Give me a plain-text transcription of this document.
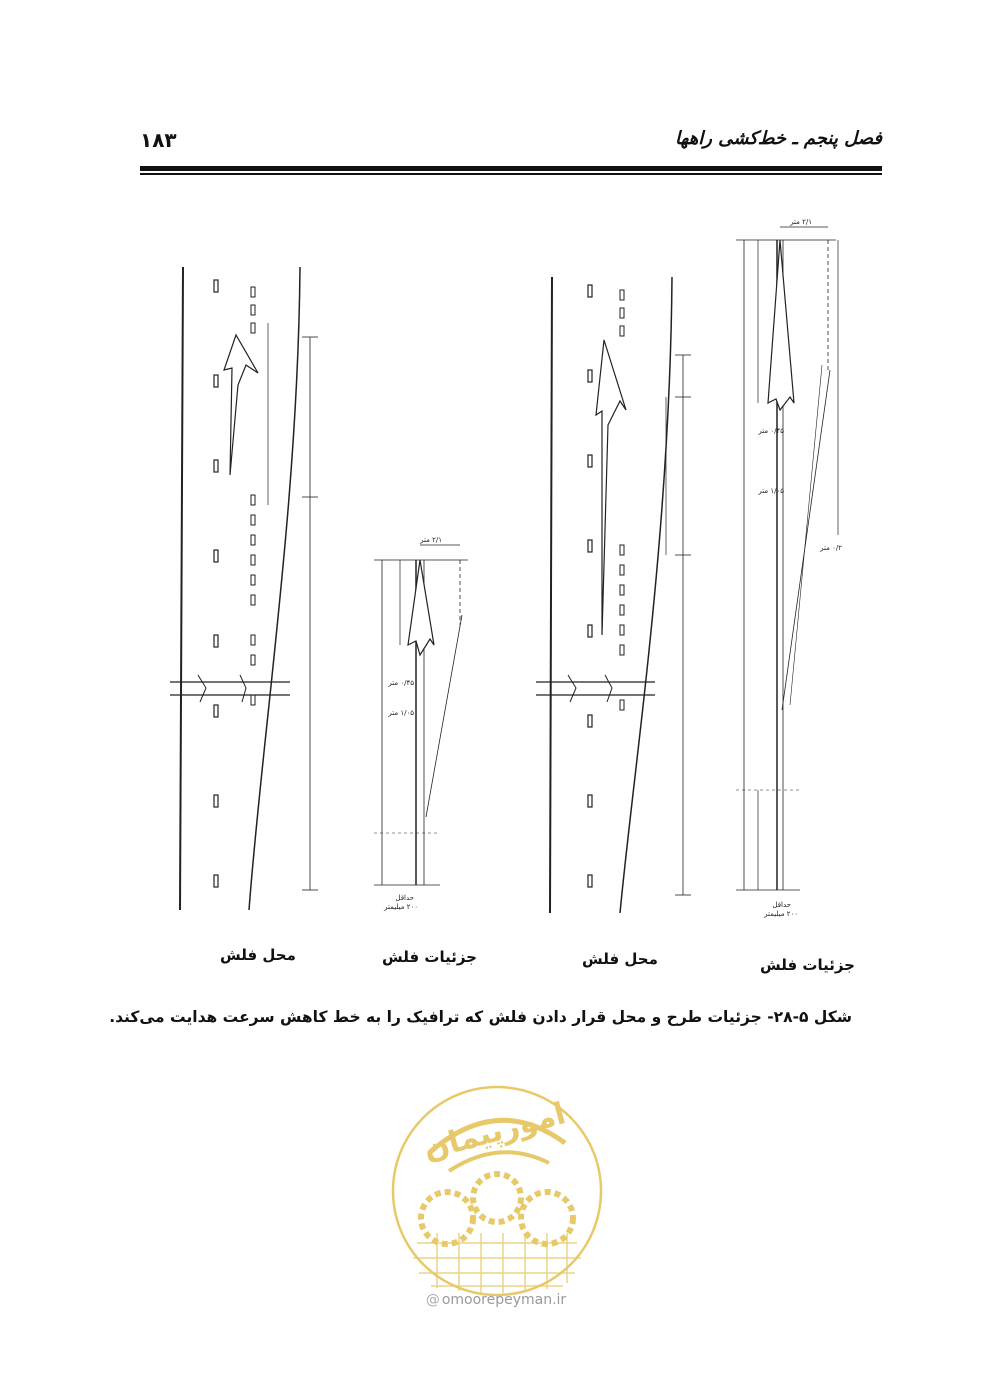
۱۸۳	فصل پنجم ـ خط‌کشی راهها
۲/۱ متر
۲/۱ متر
حداقل
۲۰۰ میلیمتر	حداقل
۲۰۰ میلیمتر
۰/۴۵ متر
۱/۰۵ متر
۰/۴۵ متر
۱/۰۵ متر
۰/۲ متر
محل فلش	جزئیات فلش	محل فلش	جزئیات فلش
شکل ۵-۲۸- جزئیات طرح و محل قرار دادن فلش که ترافیک را به خط کاهش سرعت هدایت می‌کند.
امورپیمان
@ omoorepeyman.ir
